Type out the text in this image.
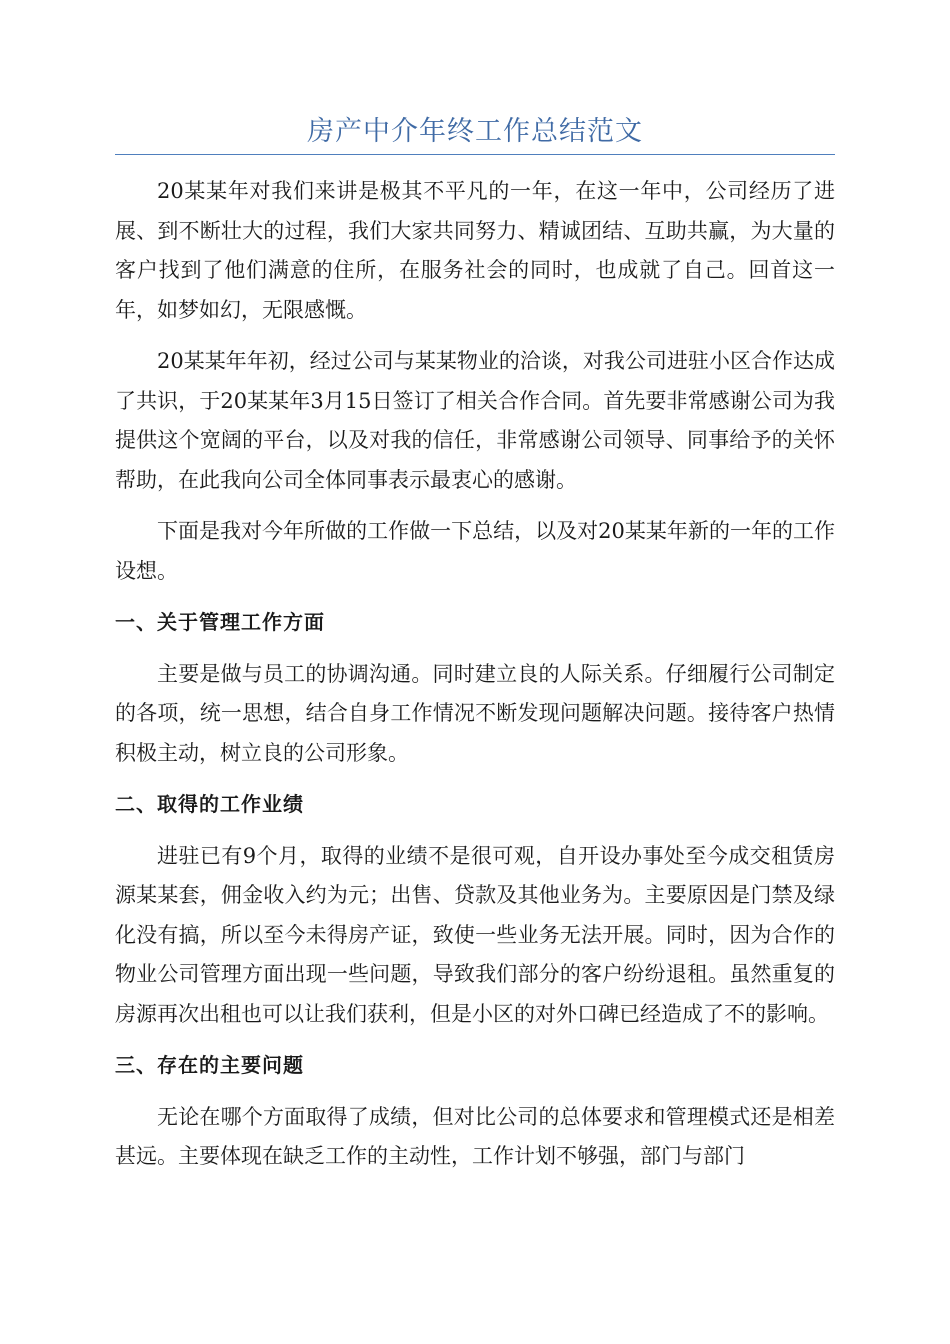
房产中介年终工作总结范文

20某某年对我们来讲是极其不平凡的一年，在这一年中，公司经历了进展、到不断壮大的过程，我们大家共同努力、精诚团结、互助共赢，为大量的客户找到了他们满意的住所，在服务社会的同时，也成就了自己。回首这一年，如梦如幻，无限感慨。

20某某年年初，经过公司与某某物业的洽谈，对我公司进驻小区合作达成了共识，于20某某年3月15日签订了相关合作合同。首先要非常感谢公司为我提供这个宽阔的平台，以及对我的信任，非常感谢公司领导、同事给予的关怀帮助，在此我向公司全体同事表示最衷心的感谢。

下面是我对今年所做的工作做一下总结，以及对20某某年新的一年的工作设想。

一、关于管理工作方面

主要是做与员工的协调沟通。同时建立良的人际关系。仔细履行公司制定的各项，统一思想，结合自身工作情况不断发现问题解决问题。接待客户热情积极主动，树立良的公司形象。

二、取得的工作业绩

进驻已有9个月，取得的业绩不是很可观，自开设办事处至今成交租赁房源某某套，佣金收入约为元；出售、贷款及其他业务为。主要原因是门禁及绿化没有搞，所以至今未得房产证，致使一些业务无法开展。同时，因为合作的物业公司管理方面出现一些问题，导致我们部分的客户纷纷退租。虽然重复的房源再次出租也可以让我们获利，但是小区的对外口碑已经造成了不的影响。

三、存在的主要问题

无论在哪个方面取得了成绩，但对比公司的总体要求和管理模式还是相差甚远。主要体现在缺乏工作的主动性，工作计划不够强，部门与部门
